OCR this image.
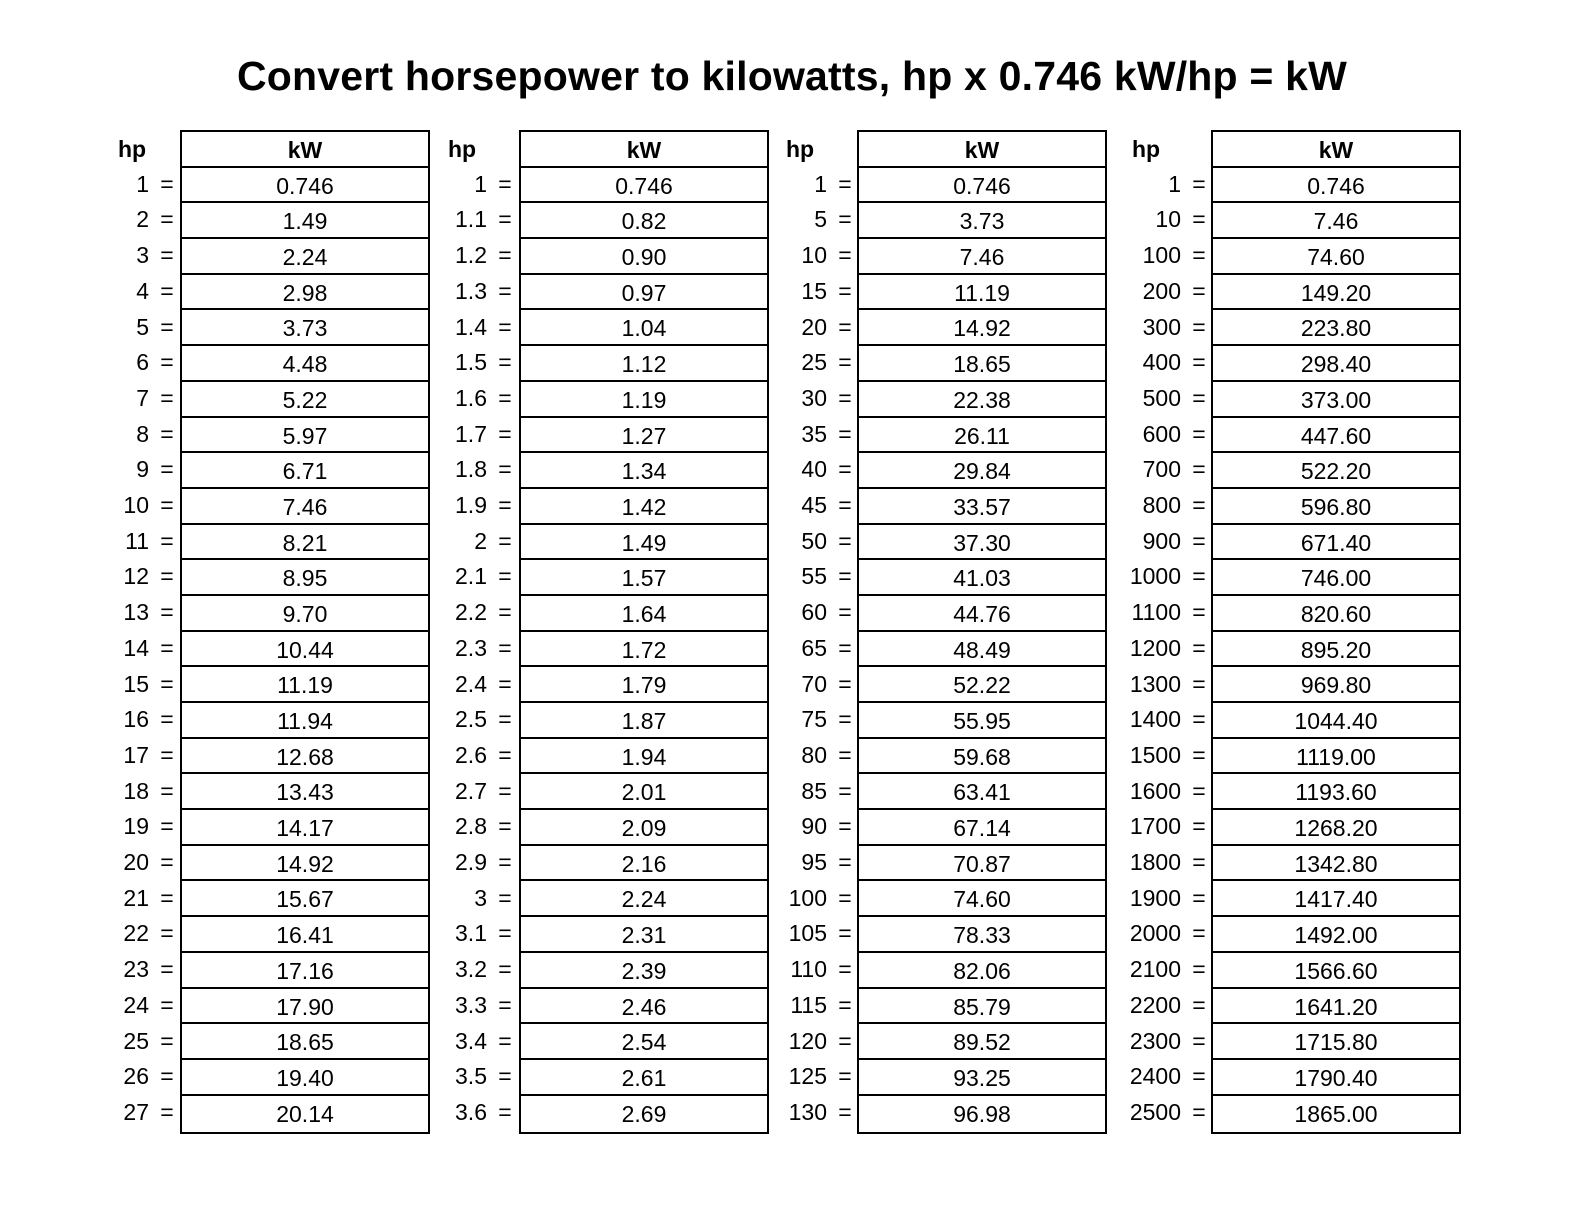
Convert horsepower to kilowatts, hp x 0.746 kW/hp = kW
hp
1 =
2 =
3 =
4 =
5 =
6 =
7 =
8 =
9 =
10 =
11 =
12 =
13 =
14 =
15 =
16 =
17 =
18 =
19 =
20 =
21 =
22 =
23 =
24 =
25 =
26 =
27 =
kW
0.746
1.49
2.24
2.98
3.73
4.48
5.22
5.97
6.71
7.46
8.21
8.95
9.70
10.44
11.19
11.94
12.68
13.43
14.17
14.92
15.67
16.41
17.16
17.90
18.65
19.40
20.14
hp
1 =
1.1 =
1.2 =
1.3 =
1.4 =
1.5 =
1.6 =
1.7 =
1.8 =
1.9 =
2 =
2.1 =
2.2 =
2.3 =
2.4 =
2.5 =
2.6 =
2.7 =
2.8 =
2.9 =
3 =
3.1 =
3.2 =
3.3 =
3.4 =
3.5 =
3.6 =
kW
0.746
0.82
0.90
0.97
1.04
1.12
1.19
1.27
1.34
1.42
1.49
1.57
1.64
1.72
1.79
1.87
1.94
2.01
2.09
2.16
2.24
2.31
2.39
2.46
2.54
2.61
2.69
hp
1 =
5 =
10 =
15 =
20 =
25 =
30 =
35 =
40 =
45 =
50 =
55 =
60 =
65 =
70 =
75 =
80 =
85 =
90 =
95 =
100 =
105 =
110 =
115 =
120 =
125 =
130 =
kW
0.746
3.73
7.46
11.19
14.92
18.65
22.38
26.11
29.84
33.57
37.30
41.03
44.76
48.49
52.22
55.95
59.68
63.41
67.14
70.87
74.60
78.33
82.06
85.79
89.52
93.25
96.98
hp
1 =
10 =
100 =
200 =
300 =
400 =
500 =
600 =
700 =
800 =
900 =
1000 =
1100 =
1200 =
1300 =
1400 =
1500 =
1600 =
1700 =
1800 =
1900 =
2000 =
2100 =
2200 =
2300 =
2400 =
2500 =
kW
0.746
7.46
74.60
149.20
223.80
298.40
373.00
447.60
522.20
596.80
671.40
746.00
820.60
895.20
969.80
1044.40
1119.00
1193.60
1268.20
1342.80
1417.40
1492.00
1566.60
1641.20
1715.80
1790.40
1865.00
